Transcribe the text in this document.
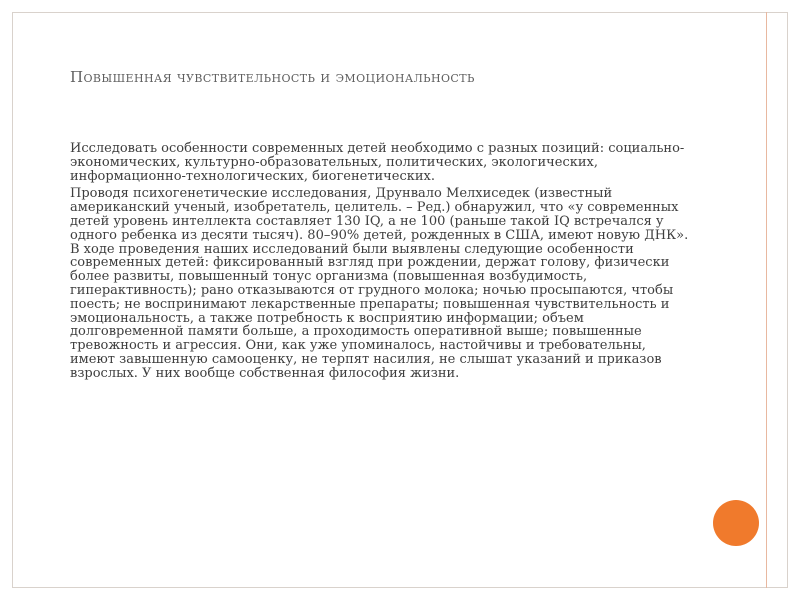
Повышенная чувствительность и эмоциональность
Исследовать особенности современных детей необходимо с разных позиций: социально-экономических, культурно-образовательных, политических, экологических, информационно-технологических, биогенетических.
Проводя психогенетические исследования, Друнвало Мелхиседек (известный американский ученый, изобретатель, целитель. – Ред.) обнаружил, что «у современных детей уровень интеллекта составляет 130 IQ, а не 100 (раньше такой IQ встречался у одного ребенка из десяти тысяч). 80–90% детей, рожденных в США, имеют новую ДНК». В ходе проведения наших исследований были выявлены следующие особенности современных детей: фиксированный взгляд при рождении, держат голову, физически более развиты, повышенный тонус организма (повышенная возбудимость, гиперактивность); рано отказываются от грудного молока; ночью просыпаются, чтобы поесть; не воспринимают лекарственные препараты; повышенная чувствительность и эмоциональность, а также потребность к восприятию информации; объем долговременной памяти больше, а проходимость оперативной выше; повышенные тревожность и агрессия. Они, как уже упоминалось, настойчивы и требовательны, имеют завышенную самооценку, не терпят насилия, не слышат указаний и приказов взрослых. У них вообще собственная философия жизни.
